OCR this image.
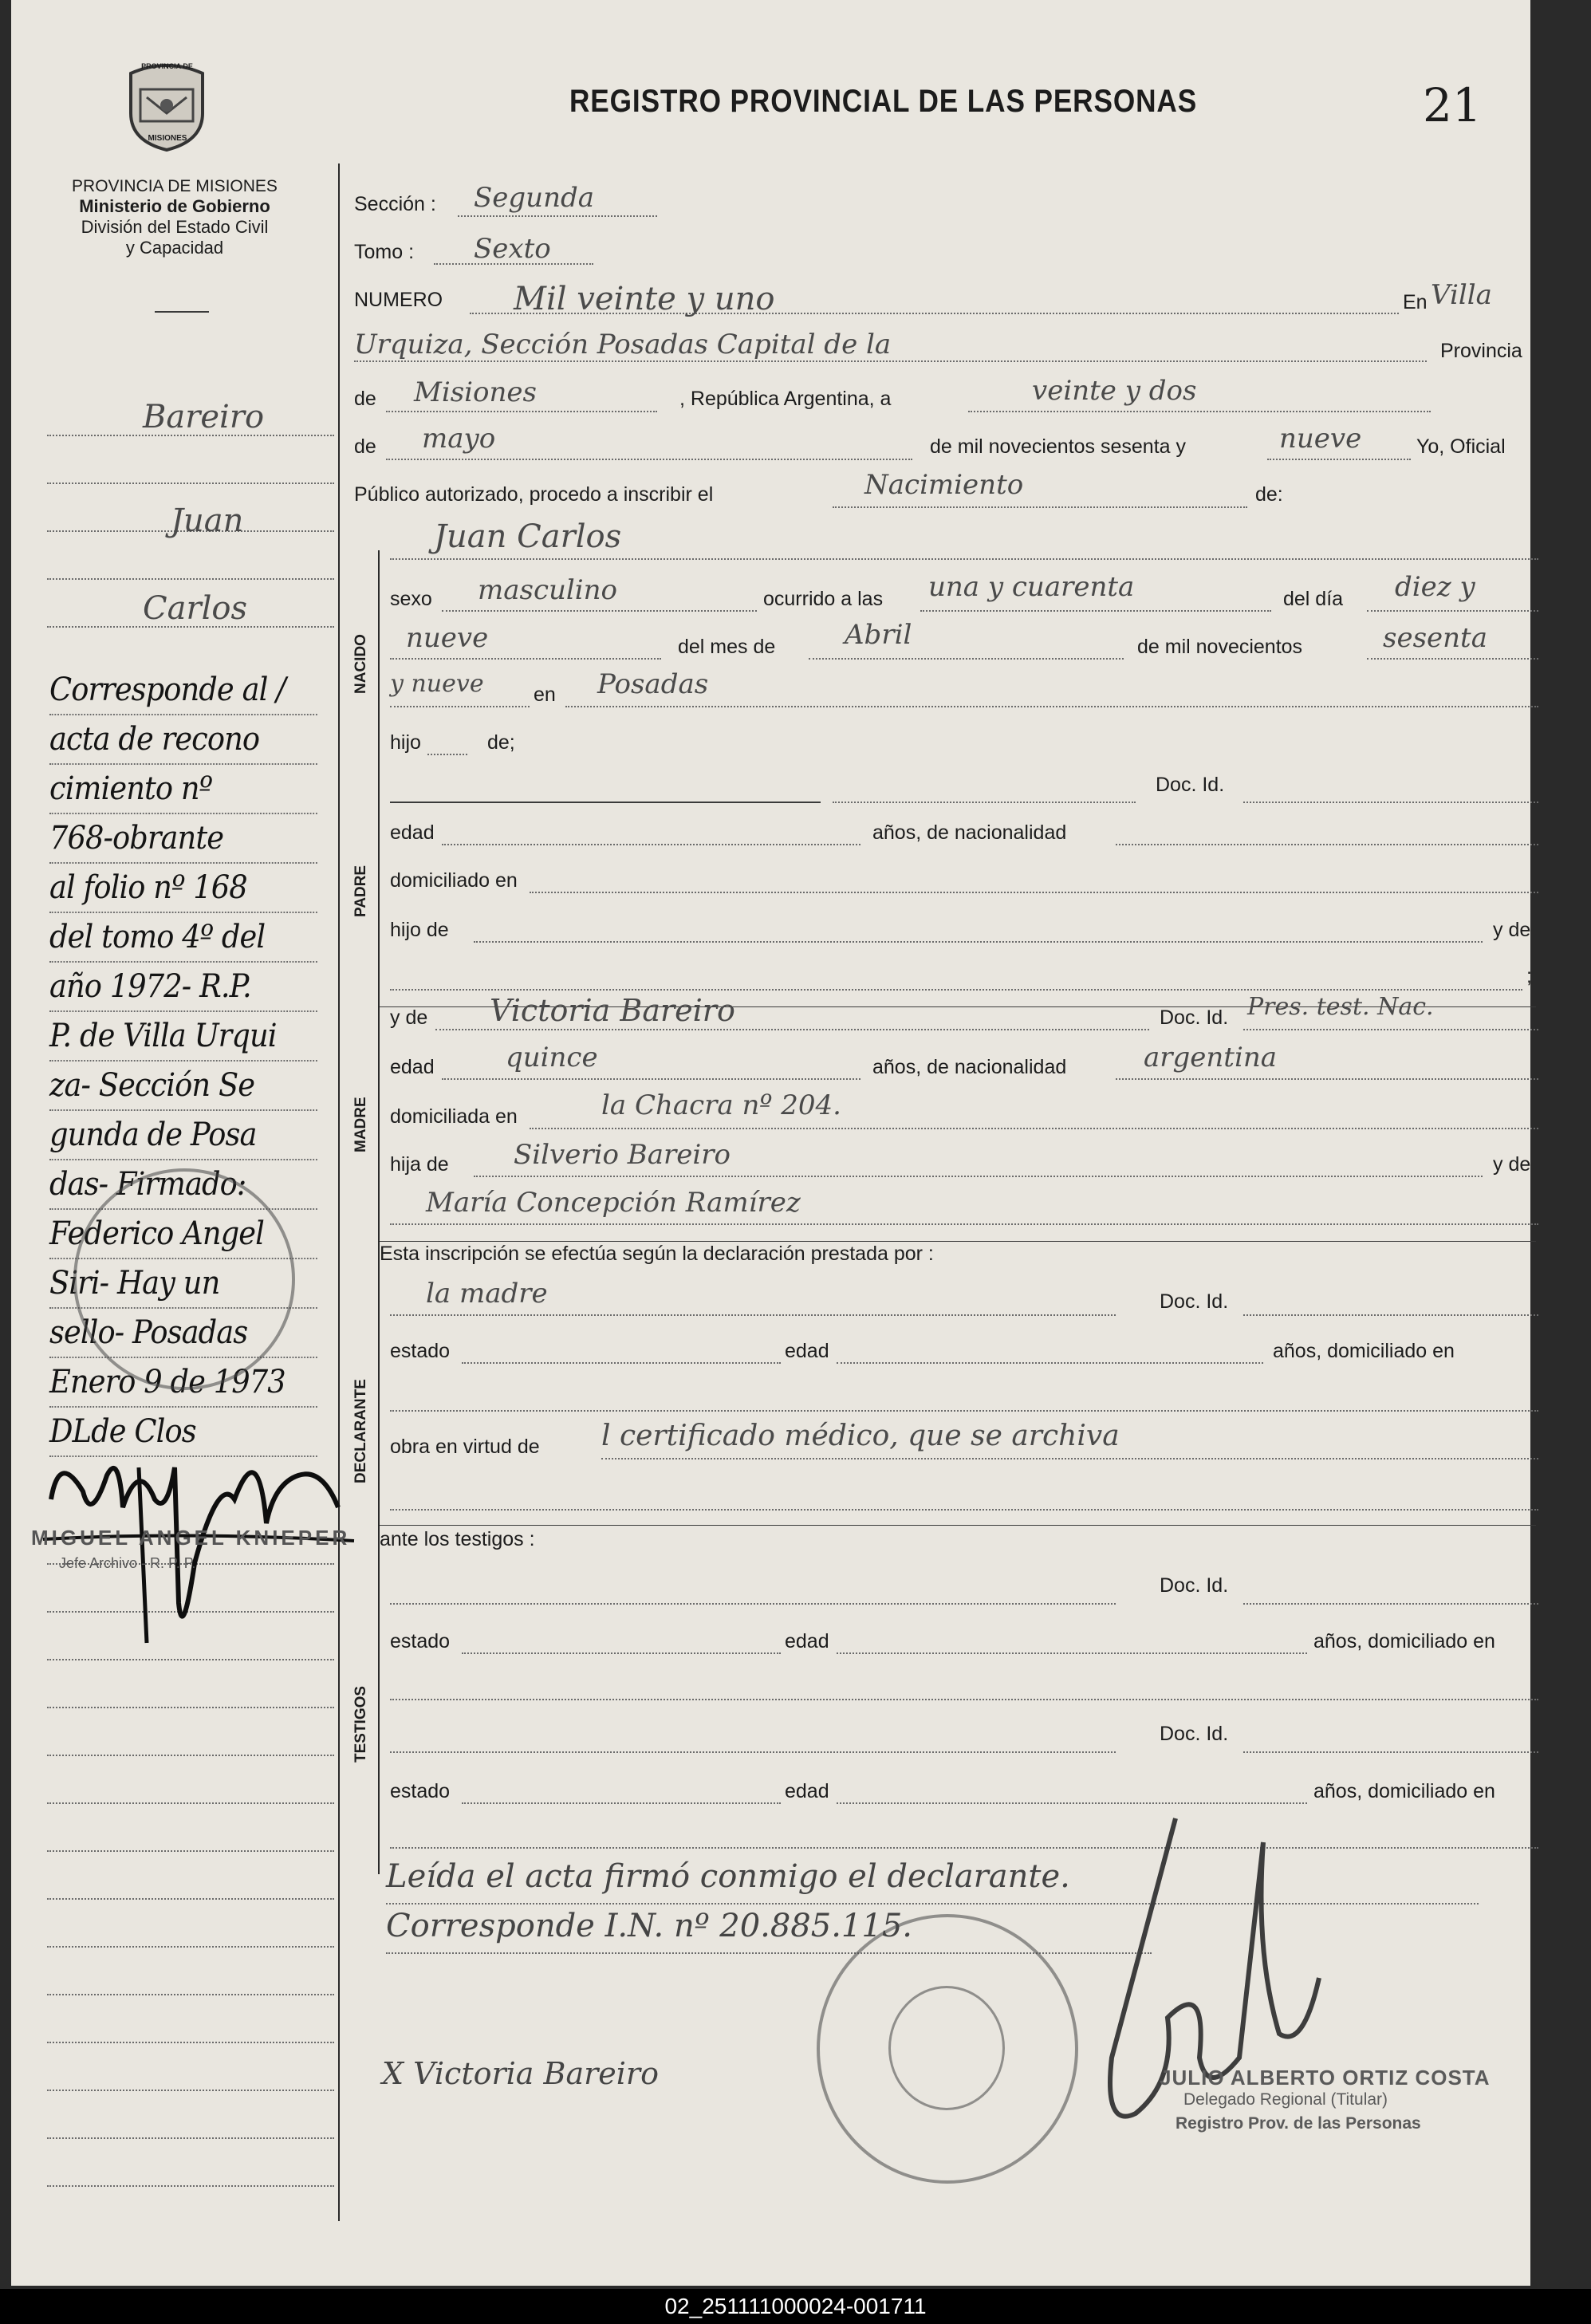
PROVINCIA DE
MISIONES
REGISTRO PROVINCIAL DE LAS PERSONAS	21
PROVINCIA DE MISIONES
Ministerio de Gobierno
División del Estado Civil
y Capacidad
Bareiro
Juan
Carlos
Corresponde al /
acta de recono
cimiento nº
768-obrante
al folio nº 168
del tomo 4º del
año 1972- R.P.
P. de Villa Urqui
za- Sección Se
gunda de Posa
das- Firmado:
Federico Angel
Siri- Hay un
sello- Posadas
Enero 9 de 1973
DLde Clos
MIGUEL ANGEL KNIEPER
Jefe Archivo - R. P. P.
Sección : Segunda
Tomo : Sexto
NUMERO Mil veinte y uno	En Villa
Urquiza, Sección Posadas Capital de la	Provincia
de Misiones	, República Argentina, a	veinte y dos
de mayo	de mil novecientos sesenta y	nueve	Yo, Oficial
Público autorizado, procedo a inscribir el	Nacimiento	de:
Juan Carlos
NACIDO
sexo masculino	ocurrido a las una y cuarenta	del día diez y
nueve	del mes de	Abril	de mil novecientos	sesenta
y nueve en Posadas
hijo	de;
PADRE
Doc. Id.
edad	años, de nacionalidad
domiciliado en
hijo de	y de
;
MADRE
y de Victoria Bareiro	Doc. Id. Pres. test. Nac.
edad	quince	años, de nacionalidad	argentina
domiciliada en	la Chacra nº 204.
hija de Silverio Bareiro	y de
María Concepción Ramírez
Esta inscripción se efectúa según la declaración prestada por :
DECLARANTE
la madre	Doc. Id.
estado	edad	años, domiciliado en
obra en virtud de l certificado médico, que se archiva
ante los testigos :
TESTIGOS
Doc. Id.
estado	edad	años, domiciliado en
Doc. Id.
estado	edad	años, domiciliado en
Leída el acta firmó conmigo el declarante.
Corresponde I.N. nº 20.885.115.
X Victoria Bareiro	JULIO ALBERTO ORTIZ COSTA
Delegado Regional (Titular)
Registro Prov. de las Personas
02_251111000024-001711
